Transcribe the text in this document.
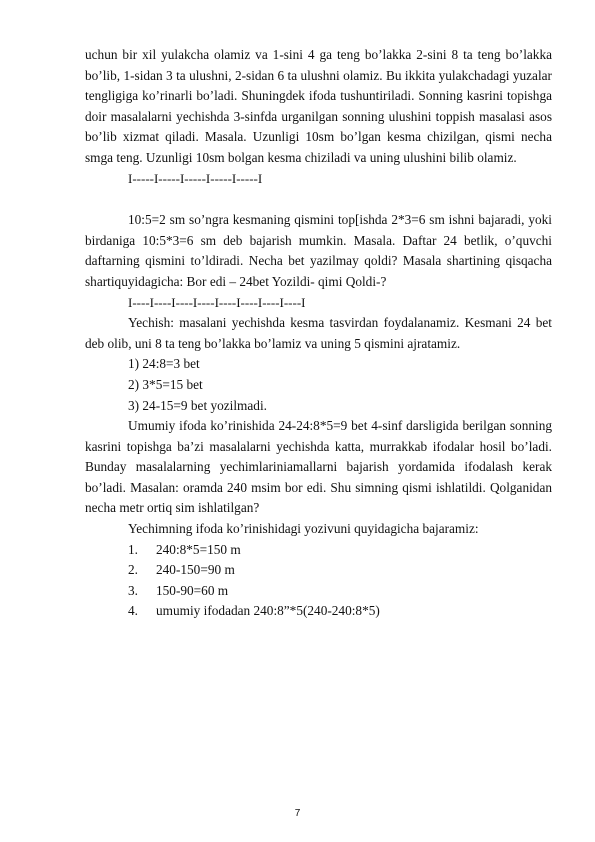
uchun bir xil yulakcha olamiz va 1-sini 4 ga teng bo’lakka 2-sini 8 ta teng bo’lakka bo’lib, 1-sidan 3 ta ulushni, 2-sidan 6 ta ulushni olamiz. Bu ikkita yulakchadagi yuzalar tengligiga ko’rinarli bo’ladi. Shuningdek ifoda tushuntiriladi. Sonning kasrini topishga doir masalalarni yechishda 3-sinfda urganilgan sonning ulushini toppish masalasi asos bo’lib xizmat qiladi. Masala. Uzunligi 10sm bo’lgan kesma chizilgan, qismi necha smga teng. Uzunligi 10sm bolgan kesma chiziladi va uning ulushini bilib olamiz.

I-----I-----I-----I-----I-----I

10:5=2 sm so’ngra kesmaning qismini top[ishda 2*3=6 sm ishni bajaradi, yoki birdaniga 10:5*3=6 sm deb bajarish mumkin. Masala. Daftar 24 betlik, o’quvchi daftarning qismini to’ldiradi. Necha bet yazilmay qoldi? Masala shartining qisqacha shartiquyidagicha: Bor edi – 24bet Yozildi- qimi Qoldi-?

I----I----I----I----I----I----I----I----I

Yechish: masalani yechishda kesma tasvirdan foydalanamiz. Kesmani 24 bet deb olib, uni 8 ta teng bo’lakka bo’lamiz va uning 5 qismini ajratamiz.

1) 24:8=3 bet
2) 3*5=15 bet
3) 24-15=9 bet yozilmadi.

Umumiy ifoda ko’rinishida 24-24:8*5=9 bet 4-sinf darsligida berilgan sonning kasrini topishga ba’zi masalalarni yechishda katta, murrakkab ifodalar hosil bo’ladi. Bunday masalalarning yechimlariniamallarni bajarish yordamida ifodalash kerak bo’ladi. Masalan: oramda 240 msim bor edi. Shu simning qismi ishlatildi. Qolganidan necha metr ortiq sim ishlatilgan?

Yechimning ifoda ko’rinishidagi yozivuni quyidagicha bajaramiz:

1.	240:8*5=150 m
2.	240-150=90 m
3.	150-90=60 m
4.	umumiy ifodadan 240:8”*5(240-240:8*5)
7
